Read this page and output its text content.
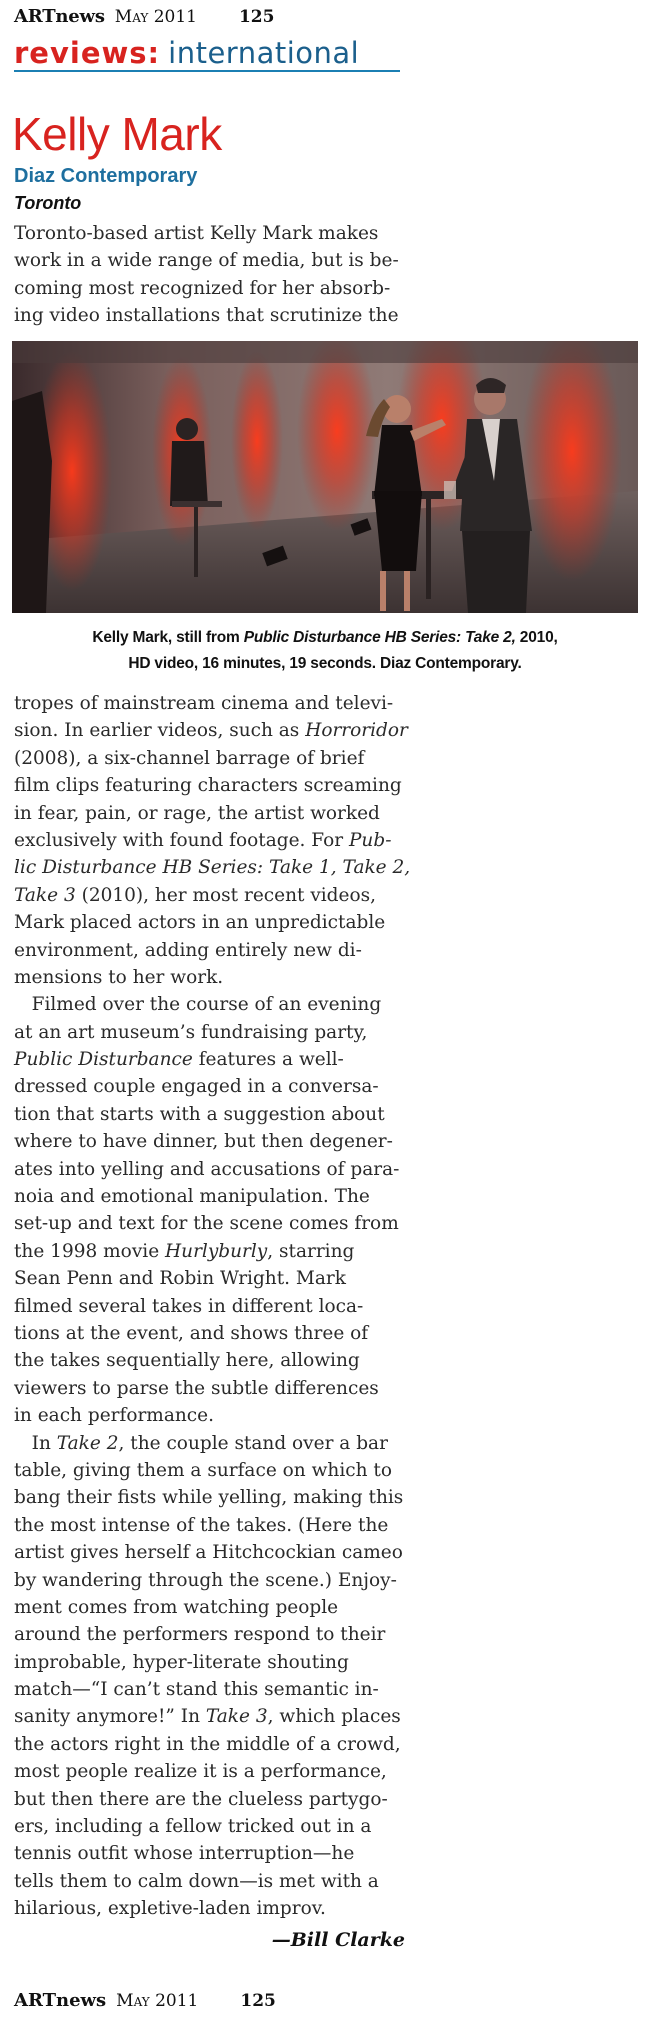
ARTnews May 2011 125
reviews: international
Kelly Mark
Diaz Contemporary
Toronto
Toronto-based artist Kelly Mark makes
work in a wide range of media, but is be-
coming most recognized for her absorb-
ing video installations that scrutinize the
Kelly Mark, still from Public Disturbance HB Series: Take 2, 2010,
HD video, 16 minutes, 19 seconds. Diaz Contemporary.
tropes of mainstream cinema and televi-
sion. In earlier videos, such as Horroridor
(2008), a six-channel barrage of brief
film clips featuring characters screaming
in fear, pain, or rage, the artist worked
exclusively with found footage. For Pub-
lic Disturbance HB Series: Take 1, Take 2,
Take 3 (2010), her most recent videos,
Mark placed actors in an unpredictable
environment, adding entirely new di-
mensions to her work.
Filmed over the course of an evening
at an art museum’s fundraising party,
Public Disturbance features a well-
dressed couple engaged in a conversa-
tion that starts with a suggestion about
where to have dinner, but then degener-
ates into yelling and accusations of para-
noia and emotional manipulation. The
set-up and text for the scene comes from
the 1998 movie Hurlyburly, starring
Sean Penn and Robin Wright. Mark
filmed several takes in different loca-
tions at the event, and shows three of
the takes sequentially here, allowing
viewers to parse the subtle differences
in each performance.
In Take 2, the couple stand over a bar
table, giving them a surface on which to
bang their fists while yelling, making this
the most intense of the takes. (Here the
artist gives herself a Hitchcockian cameo
by wandering through the scene.) Enjoy-
ment comes from watching people
around the performers respond to their
improbable, hyper-literate shouting
match—“I can’t stand this semantic in-
sanity anymore!” In Take 3, which places
the actors right in the middle of a crowd,
most people realize it is a performance,
but then there are the clueless partygo-
ers, including a fellow tricked out in a
tennis outfit whose interruption—he
tells them to calm down—is met with a
hilarious, expletive-laden improv.
—Bill Clarke
ARTnews May 2011 125
